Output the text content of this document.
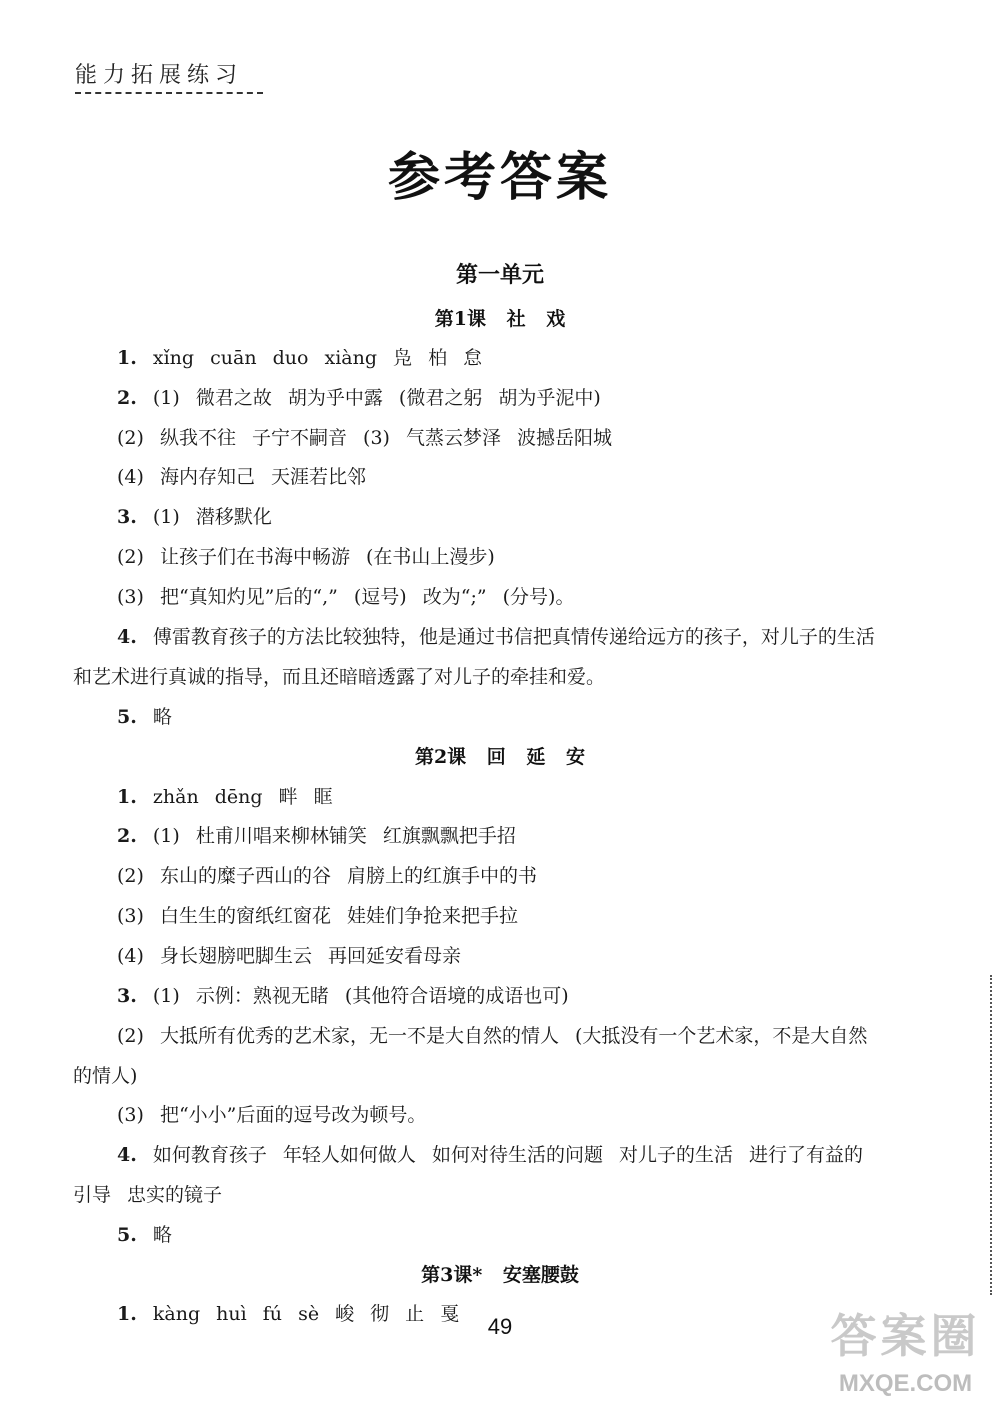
能力拓展练习
参考答案
第一单元
第1课 社 戏
1. xǐng cuān duo xiàng 凫 柏 怠
2. (1) 微君之故 胡为乎中露 (微君之躬 胡为乎泥中)
(2) 纵我不往 子宁不嗣音 (3) 气蒸云梦泽 波撼岳阳城
(4) 海内存知己 天涯若比邻
3. (1) 潜移默化
(2) 让孩子们在书海中畅游 (在书山上漫步)
(3) 把“真知灼见”后的“,” (逗号) 改为“;” (分号)。
4. 傅雷教育孩子的方法比较独特，他是通过书信把真情传递给远方的孩子，对儿子的生活
和艺术进行真诚的指导，而且还暗暗透露了对儿子的牵挂和爱。
5. 略
第2课 回 延 安
1. zhǎn dēng 畔 眶
2. (1) 杜甫川唱来柳林铺笑 红旗飘飘把手招
(2) 东山的糜子西山的谷 肩膀上的红旗手中的书
(3) 白生生的窗纸红窗花 娃娃们争抢来把手拉
(4) 身长翅膀吧脚生云 再回延安看母亲
3. (1) 示例：熟视无睹 (其他符合语境的成语也可)
(2) 大抵所有优秀的艺术家，无一不是大自然的情人 (大抵没有一个艺术家，不是大自然
的情人)
(3) 把“小小”后面的逗号改为顿号。
4. 如何教育孩子 年轻人如何做人 如何对待生活的问题 对儿子的生活 进行了有益的
引导 忠实的镜子
5. 略
第3课* 安塞腰鼓
1. kàng huì fú sè 峻 彻 止 戛	49	答案圈
MXQE.COM
